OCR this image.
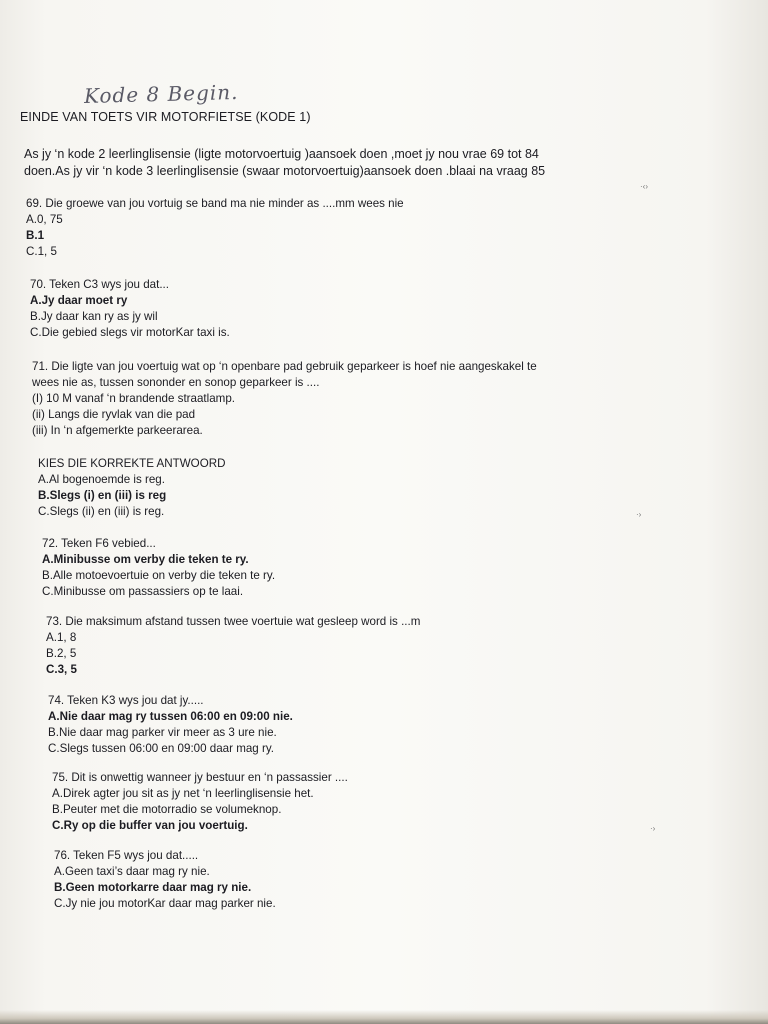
Kode 8 Begin.
EINDE VAN TOETS VIR MOTORFIETSE (KODE 1)
As jy ‘n kode 2 leerlinglisensie (ligte motorvoertuig )aansoek doen ,moet jy nou vrae 69 tot 84
doen.As jy vir ‘n kode 3 leerlinglisensie (swaar motorvoertuig)aansoek doen .blaai na vraag 85
69. Die groewe van jou vortuig se band ma nie minder as ....mm wees nie
A.0, 75
B.1
C.1, 5
70. Teken C3 wys jou dat...
A.Jy daar moet ry
B.Jy daar kan ry as jy wil
C.Die gebied slegs vir motorKar taxi is.
71. Die ligte van jou voertuig wat op ‘n openbare pad gebruik geparkeer is hoef nie aangeskakel te
wees nie as, tussen sononder en sonop geparkeer is ....
(I) 10 M vanaf ‘n brandende straatlamp.
(ii) Langs die ryvlak van die pad
(iii) In ‘n afgemerkte parkeerarea.
KIES DIE KORREKTE ANTWOORD
A.Al bogenoemde is reg.
B.Slegs (i) en (iii) is reg
C.Slegs (ii) en (iii) is reg.
72. Teken F6 vebied...
A.Minibusse om verby die teken te ry.
B.Alle motoevoertuie on verby die teken te ry.
C.Minibusse om passassiers op te laai.
73. Die maksimum afstand tussen twee voertuie wat gesleep word is ...m
A.1, 8
B.2, 5
C.3, 5
74. Teken K3 wys jou dat jy.....
A.Nie daar mag ry tussen 06:00 en 09:00 nie.
B.Nie daar mag parker vir meer as 3 ure nie.
C.Slegs tussen 06:00 en 09:00 daar mag ry.
75. Dit is onwettig wanneer jy bestuur en ‘n passassier ....
A.Direk agter jou sit as jy net ‘n leerlinglisensie het.
B.Peuter met die motorradio se volumeknop.
C.Ry op die buffer van jou voertuig.
76. Teken F5 wys jou dat.....
A.Geen taxi’s daar mag ry nie.
B.Geen motorkarre daar mag ry nie.
C.Jy nie jou motorKar daar mag parker nie.
·‹›
·›
·›
